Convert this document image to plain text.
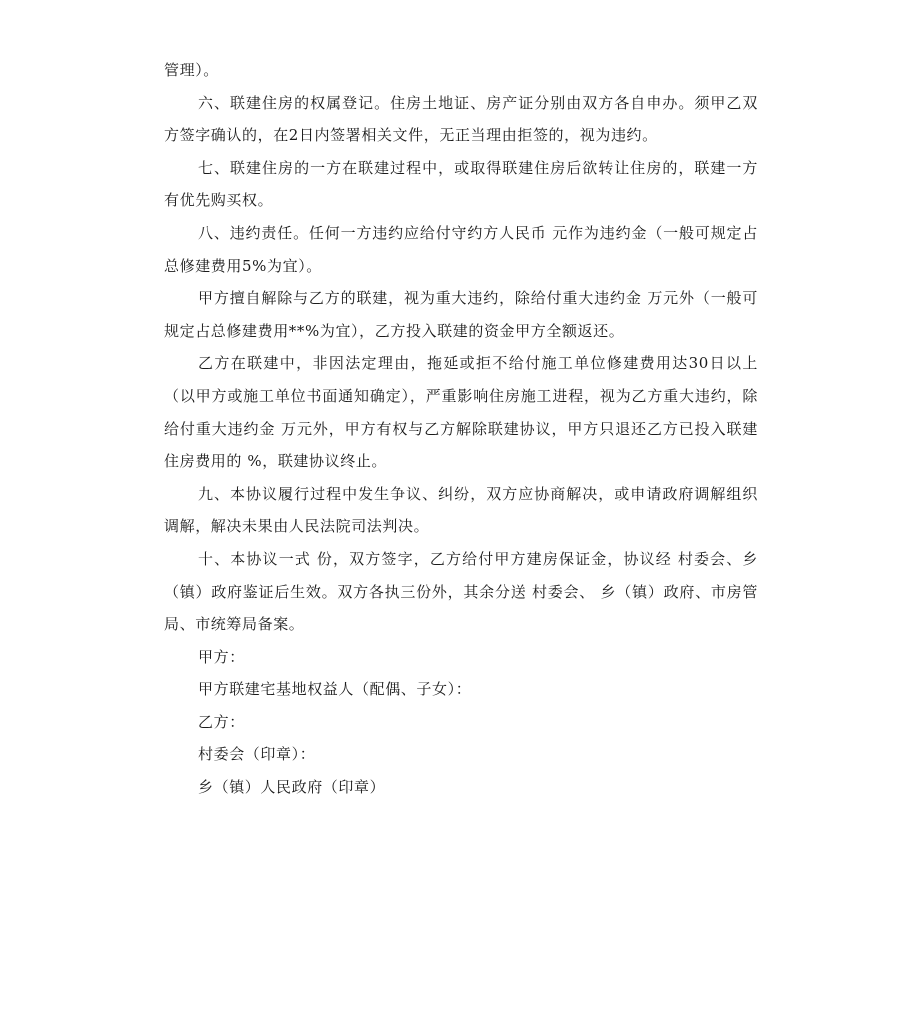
管理）。

六、联建住房的权属登记。住房土地证、房产证分别由双方各自申办。须甲乙双方签字确认的，在2日内签署相关文件，无正当理由拒签的，视为违约。

七、联建住房的一方在联建过程中，或取得联建住房后欲转让住房的，联建一方有优先购买权。

八、违约责任。任何一方违约应给付守约方人民币 元作为违约金（一般可规定占总修建费用5%为宜）。

甲方擅自解除与乙方的联建，视为重大违约，除给付重大违约金 万元外（一般可规定占总修建费用**%为宜），乙方投入联建的资金甲方全额返还。

乙方在联建中，非因法定理由，拖延或拒不给付施工单位修建费用达30日以上（以甲方或施工单位书面通知确定），严重影响住房施工进程，视为乙方重大违约，除给付重大违约金 万元外，甲方有权与乙方解除联建协议，甲方只退还乙方已投入联建住房费用的 %，联建协议终止。

九、本协议履行过程中发生争议、纠纷，双方应协商解决，或申请政府调解组织调解，解决未果由人民法院司法判决。

十、本协议一式 份，双方签字，乙方给付甲方建房保证金，协议经 村委会、乡（镇）政府鉴证后生效。双方各执三份外，其余分送 村委会、 乡（镇）政府、市房管局、市统筹局备案。

甲方：

甲方联建宅基地权益人（配偶、子女）：

乙方：

村委会（印章）：

乡（镇）人民政府（印章）
